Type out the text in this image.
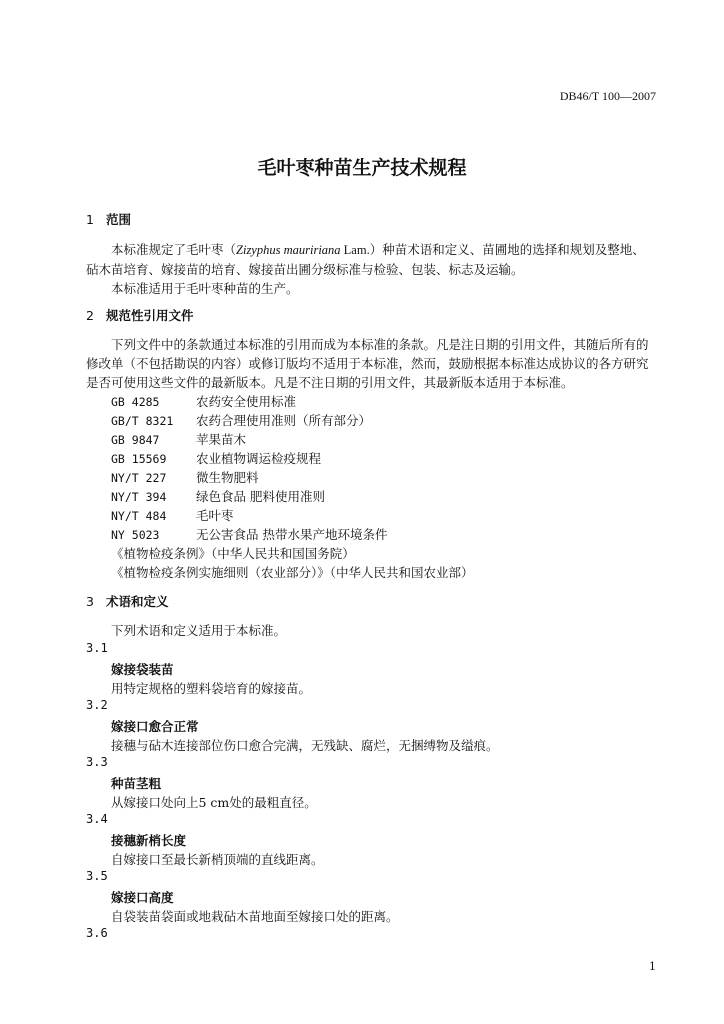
DB46/T 100—2007
毛叶枣种苗生产技术规程
1 范围
本标准规定了毛叶枣（Zizyphus mauririana Lam.）种苗术语和定义、苗圃地的选择和规划及整地、
砧木苗培育、嫁接苗的培育、嫁接苗出圃分级标准与检验、包装、标志及运输。
本标准适用于毛叶枣种苗的生产。
2 规范性引用文件
下列文件中的条款通过本标准的引用而成为本标准的条款。凡是注日期的引用文件，其随后所有的
修改单（不包括勘误的内容）或修订版均不适用于本标准，然而，鼓励根据本标准达成协议的各方研究
是否可使用这些文件的最新版本。凡是不注日期的引用文件，其最新版本适用于本标准。
GB 4285	农药安全使用标准
GB/T 8321 农药合理使用准则（所有部分）
GB 9847	苹果苗木
GB 15569 农业植物调运检疫规程
NY/T 227 微生物肥料
NY/T 394 绿色食品 肥料使用准则
NY/T 484 毛叶枣
NY 5023	无公害食品 热带水果产地环境条件
《植物检疫条例》（中华人民共和国国务院）
《植物检疫条例实施细则（农业部分）》（中华人民共和国农业部）
3 术语和定义
下列术语和定义适用于本标准。
3.1
嫁接袋装苗
用特定规格的塑料袋培育的嫁接苗。
3.2
嫁接口愈合正常
接穗与砧木连接部位伤口愈合完满，无残缺、腐烂，无捆缚物及缢痕。
3.3
种苗茎粗
从嫁接口处向上5 cm处的最粗直径。
3.4
接穗新梢长度
自嫁接口至最长新梢顶端的直线距离。
3.5
嫁接口高度
自袋装苗袋面或地栽砧木苗地面至嫁接口处的距离。
3.6
1
